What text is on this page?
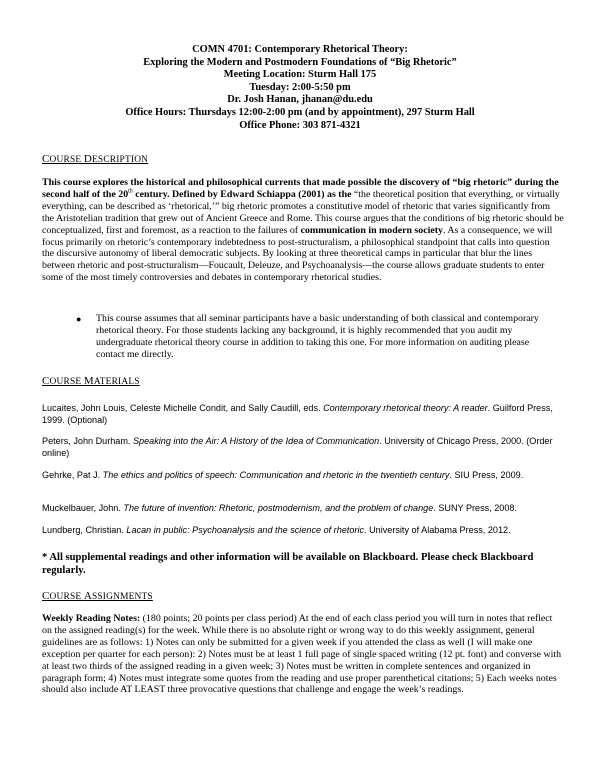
COMN 4701: Contemporary Rhetorical Theory:
Exploring the Modern and Postmodern Foundations of “Big Rhetoric”
Meeting Location: Sturm Hall 175
Tuesday: 2:00-5:50 pm
Dr. Josh Hanan, jhanan@du.edu
Office Hours: Thursdays 12:00-2:00 pm (and by appointment), 297 Sturm Hall
Office Phone: 303 871-4321
COURSE DESCRIPTION
This course explores the historical and philosophical currents that made possible the discovery of “big rhetoric” during the second half of the 20th century. Defined by Edward Schiappa (2001) as the “the theoretical position that everything, or virtually everything, can be described as ‘rhetorical,’” big rhetoric promotes a constitutive model of rhetoric that varies significantly from the Aristotelian tradition that grew out of Ancient Greece and Rome. This course argues that the conditions of big rhetoric should be conceptualized, first and foremost, as a reaction to the failures of communication in modern society. As a consequence, we will focus primarily on rhetoric’s contemporary indebtedness to post-structuralism, a philosophical standpoint that calls into question the discursive autonomy of liberal democratic subjects. By looking at three theoretical camps in particular that blur the lines between rhetoric and post-structuralism—Foucault, Deleuze, and Psychoanalysis—the course allows graduate students to enter some of the most timely controversies and debates in contemporary rhetorical studies.
● This course assumes that all seminar participants have a basic understanding of both classical and contemporary rhetorical theory. For those students lacking any background, it is highly recommended that you audit my undergraduate rhetorical theory course in addition to taking this one. For more information on auditing please contact me directly.
COURSE MATERIALS
Lucaites, John Louis, Celeste Michelle Condit, and Sally Caudill, eds. Contemporary rhetorical theory: A reader. Guilford Press, 1999. (Optional)
Peters, John Durham. Speaking into the Air: A History of the Idea of Communication. University of Chicago Press, 2000. (Order online)
Gehrke, Pat J. The ethics and politics of speech: Communication and rhetoric in the twentieth century. SIU Press, 2009.
Muckelbauer, John. The future of invention: Rhetoric, postmodernism, and the problem of change. SUNY Press, 2008.
Lundberg, Christian. Lacan in public: Psychoanalysis and the science of rhetoric. University of Alabama Press, 2012.
* All supplemental readings and other information will be available on Blackboard. Please check Blackboard regularly.
COURSE ASSIGNMENTS
Weekly Reading Notes: (180 points; 20 points per class period) At the end of each class period you will turn in notes that reflect on the assigned reading(s) for the week. While there is no absolute right or wrong way to do this weekly assignment, general guidelines are as follows: 1) Notes can only be submitted for a given week if you attended the class as well (I will make one exception per quarter for each person): 2) Notes must be at least 1 full page of single spaced writing (12 pt. font) and converse with at least two thirds of the assigned reading in a given week; 3) Notes must be written in complete sentences and organized in paragraph form; 4) Notes must integrate some quotes from the reading and use proper parenthetical citations; 5) Each weeks notes should also include AT LEAST three provocative questions that challenge and engage the week’s readings.
